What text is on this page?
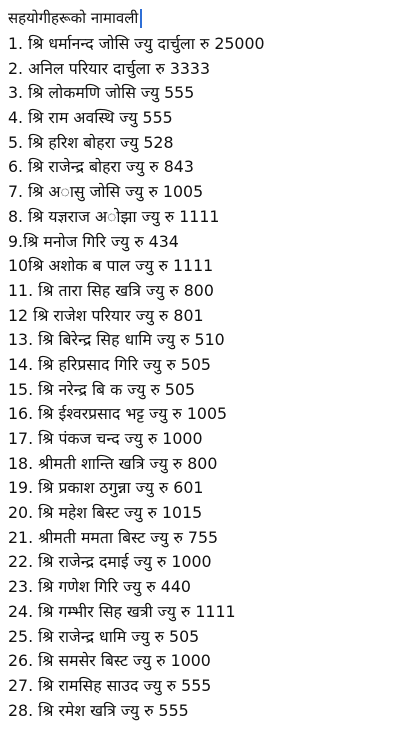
सहयोगीहरूको नामावली
1. श्रि धर्मानन्द जोसि ज्यु दार्चुला रु 25000
2. अनिल परियार दार्चुला रु 3333
3. श्रि लोकमणि जोसि ज्यु 555
4. श्रि राम अवस्थि ज्यु 555
5. श्रि हरिश बोहरा ज्यु 528
6. श्रि राजेन्द्र बोहरा ज्यु रु 843
7. श्रि अासु जोसि ज्यु रु 1005
8. श्रि यज्ञराज अोझा ज्यु रु 1111
9.श्रि मनोज गिरि ज्यु रु 434
10श्रि अशोक ब पाल ज्यु रु 1111
11. श्रि तारा सिह खत्रि ज्यु रु 800
12 श्रि राजेश परियार ज्यु रु 801
13. श्रि बिरेन्द्र सिह धामि ज्यु रु 510
14. श्रि हरिप्रसाद गिरि ज्यु रु 505
15. श्रि नरेन्द्र बि क ज्यु रु 505
16. श्रि ईश्वरप्रसाद भट्ट ज्यु रु 1005
17. श्रि पंकज चन्द ज्यु रु 1000
18. श्रीमती शान्ति खत्रि ज्यु रु 800
19. श्रि प्रकाश ठगुन्ना ज्यु रु 601
20. श्रि महेश बिस्ट ज्यु रु 1015
21. श्रीमती ममता बिस्ट ज्यु रु 755
22. श्रि राजेन्द्र दमाई ज्यु रु 1000
23. श्रि गणेश गिरि ज्यु रु 440
24. श्रि गम्भीर सिह खत्री ज्यु रु 1111
25. श्रि राजेन्द्र धामि ज्यु रु 505
26. श्रि समसेर बिस्ट ज्यु रु 1000
27. श्रि रामसिह साउद ज्यु रु 555
28. श्रि रमेश खत्रि ज्यु रु 555
